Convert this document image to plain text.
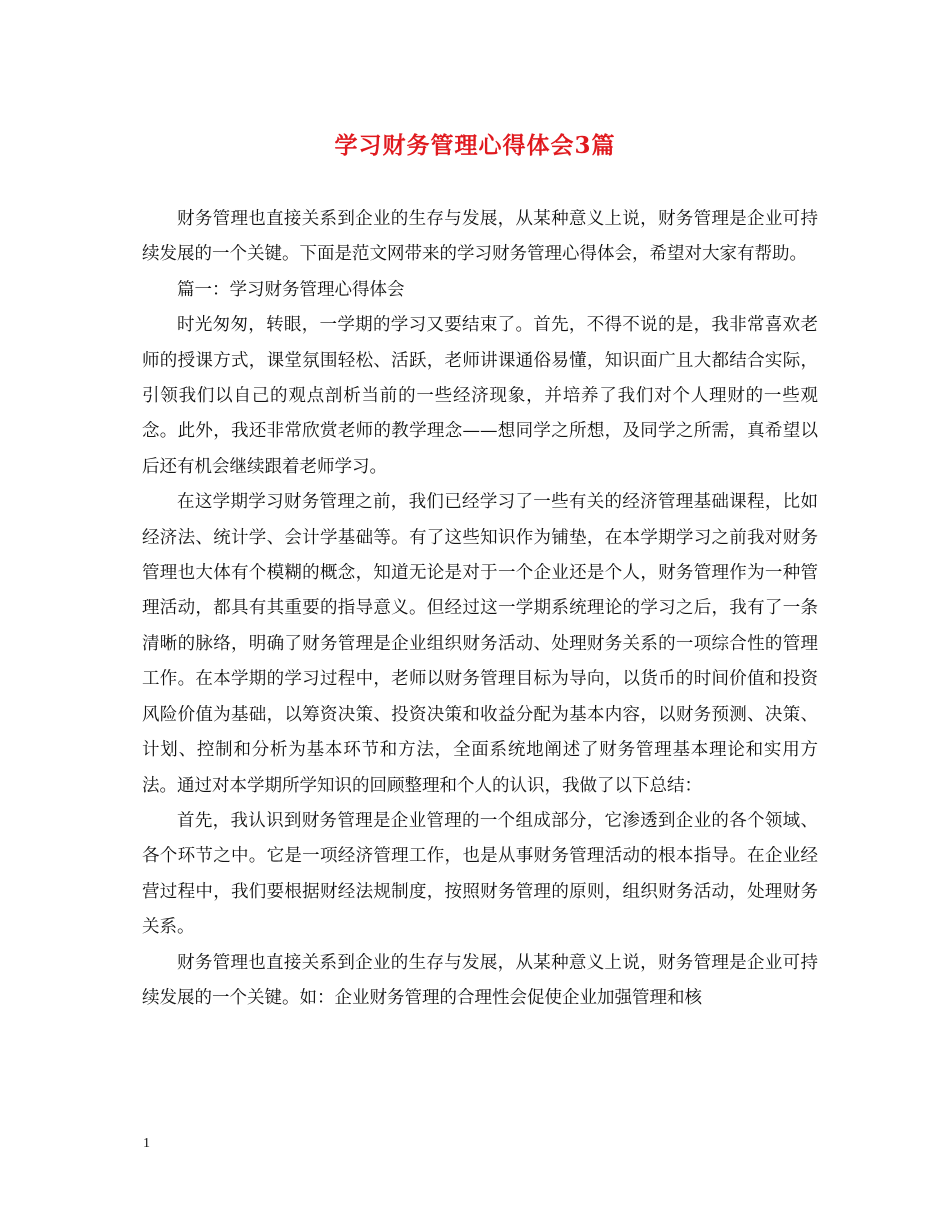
学习财务管理心得体会3篇

财务管理也直接关系到企业的生存与发展，从某种意义上说，财务管理是企业可持续发展的一个关键。下面是范文网带来的学习财务管理心得体会，希望对大家有帮助。

篇一：学习财务管理心得体会

时光匆匆，转眼，一学期的学习又要结束了。首先，不得不说的是，我非常喜欢老师的授课方式，课堂氛围轻松、活跃，老师讲课通俗易懂，知识面广且大都结合实际，引领我们以自己的观点剖析当前的一些经济现象，并培养了我们对个人理财的一些观念。此外，我还非常欣赏老师的教学理念——想同学之所想，及同学之所需，真希望以后还有机会继续跟着老师学习。

在这学期学习财务管理之前，我们已经学习了一些有关的经济管理基础课程，比如经济法、统计学、会计学基础等。有了这些知识作为铺垫，在本学期学习之前我对财务管理也大体有个模糊的概念，知道无论是对于一个企业还是个人，财务管理作为一种管理活动，都具有其重要的指导意义。但经过这一学期系统理论的学习之后，我有了一条清晰的脉络，明确了财务管理是企业组织财务活动、处理财务关系的一项综合性的管理工作。在本学期的学习过程中，老师以财务管理目标为导向，以货币的时间价值和投资风险价值为基础，以筹资决策、投资决策和收益分配为基本内容，以财务预测、决策、计划、控制和分析为基本环节和方法，全面系统地阐述了财务管理基本理论和实用方法。通过对本学期所学知识的回顾整理和个人的认识，我做了以下总结：

首先，我认识到财务管理是企业管理的一个组成部分，它渗透到企业的各个领域、各个环节之中。它是一项经济管理工作，也是从事财务管理活动的根本指导。在企业经营过程中，我们要根据财经法规制度，按照财务管理的原则，组织财务活动，处理财务关系。

财务管理也直接关系到企业的生存与发展，从某种意义上说，财务管理是企业可持续发展的一个关键。如：企业财务管理的合理性会促使企业加强管理和核

1
